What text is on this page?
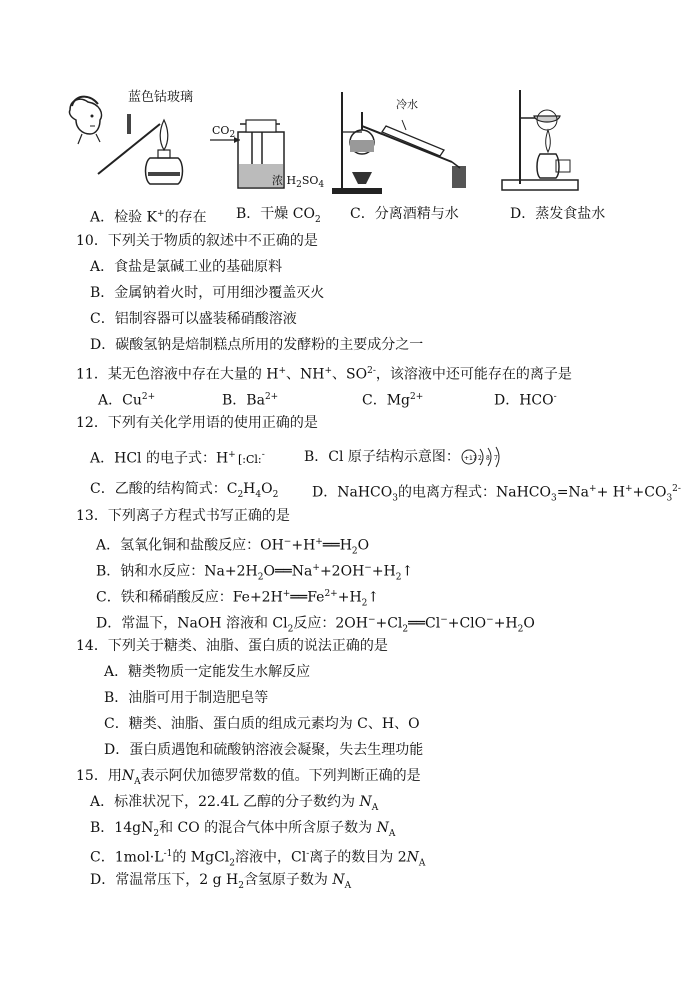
蓝色钴玻璃
$CO_2$
浓 $H_2SO_4$
冷水
A．检验 K+的存在 B．干燥 $CO_2$ C．分离酒精与水	D．蒸发食盐水
10．下列关于物质的叙述中不正确的是
A．食盐是氯碱工业的基础原料
B．金属钠着火时，可用细沙覆盖灭火
C．铝制容器可以盛装稀硝酸溶液
D．碳酸氢钠是焙制糕点所用的发酵粉的主要成分之一
11．某无色溶液中存在大量的 H+、NH+、$SO^{2-}$，该溶液中还可能存在的离子是
A．$Cu^{2+}$	B．$Ba^{2+}$	C．$Mg^{2+}$	D．HCO-
12．下列有关化学用语的使用正确的是
A．HCl 的电子式：H+ [:Cl: -	B．Cl 原子结构示意图： +17 2 8 7
C．乙酸的结构简式：$C_2H_4O_2$ D．NaHCO$_3$的电离方程式：NaHCO$_3$=Na++ $H^++CO_3^{2-}$
13．下列离子方程式书写正确的是
A．氢氧化铜和盐酸反应：$OH^-+H^+══H_2O$
B．钠和水反应：$Na+2H_2O══Na^++2OH^-+H_2↑$
C．铁和稀硝酸反应：$Fe+2H^+══Fe^{2+}+H_2↑$
D．常温下，NaOH 溶液和 $Cl_2$反应：$2OH^-+Cl_2══Cl^-+ClO^-+H_2O$
14．下列关于糖类、油脂、蛋白质的说法正确的是
A．糖类物质一定能发生水解反应
B．油脂可用于制造肥皂等
C．糖类、油脂、蛋白质的组成元素均为 C、H、O
D．蛋白质遇饱和硫酸钠溶液会凝聚，失去生理功能
15．用$N_A$表示阿伏加德罗常数的值。下列判断正确的是
A．标准状况下，22.4L 乙醇的分子数约为 $N_A$
B．$14gN_2$和 CO 的混合气体中所含原子数为 $N_A$
C．$1mol\cdot L^{-1}$的 MgCl$_2$溶液中，Cl-离子的数目为 $2N_A$
D．常温常压下，2 g $H_2$含氢原子数为 $N_A$
